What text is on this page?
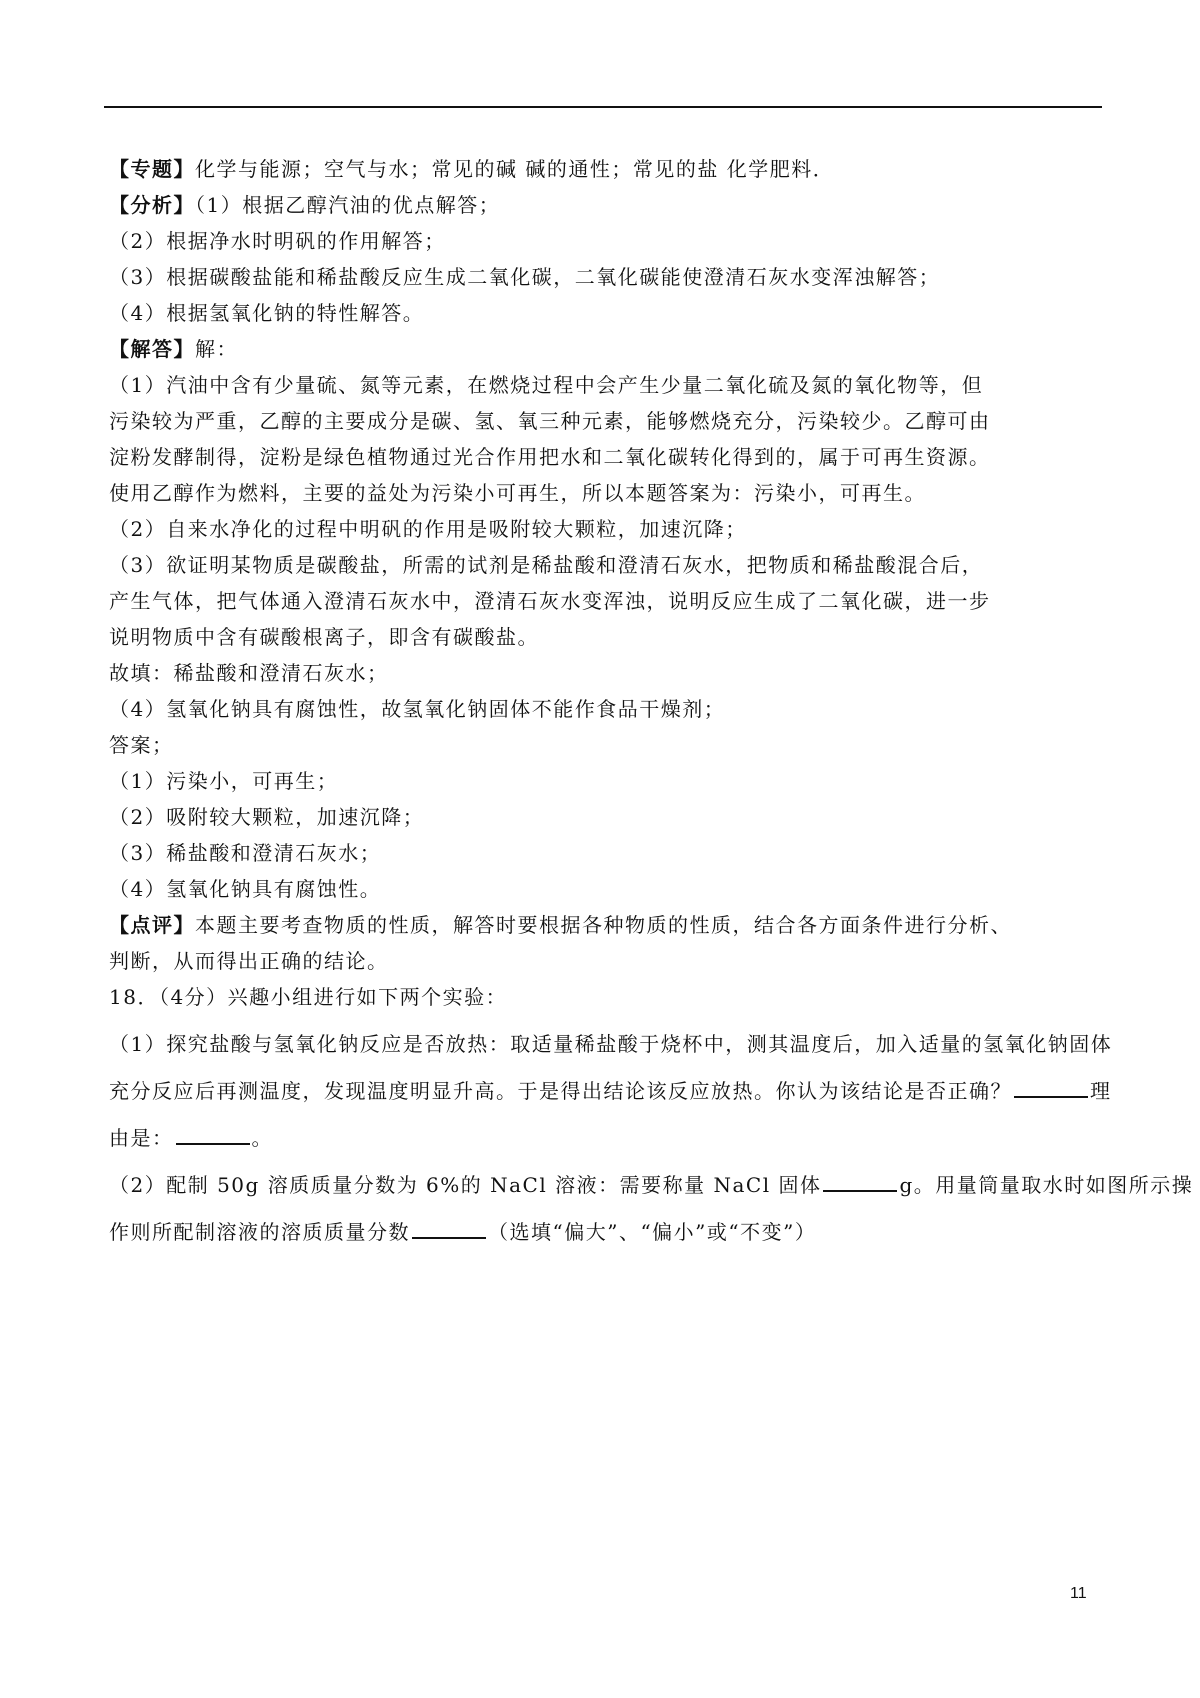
【专题】化学与能源；空气与水；常见的碱 碱的通性；常见的盐 化学肥料．
【分析】（1）根据乙醇汽油的优点解答；
（2）根据净水时明矾的作用解答；
（3）根据碳酸盐能和稀盐酸反应生成二氧化碳，二氧化碳能使澄清石灰水变浑浊解答；
（4）根据氢氧化钠的特性解答。
【解答】解：
（1）汽油中含有少量硫、氮等元素，在燃烧过程中会产生少量二氧化硫及氮的氧化物等，但
污染较为严重，乙醇的主要成分是碳、氢、氧三种元素，能够燃烧充分，污染较少。乙醇可由
淀粉发酵制得，淀粉是绿色植物通过光合作用把水和二氧化碳转化得到的，属于可再生资源。
使用乙醇作为燃料，主要的益处为污染小可再生，所以本题答案为：污染小，可再生。
（2）自来水净化的过程中明矾的作用是吸附较大颗粒，加速沉降；
（3）欲证明某物质是碳酸盐，所需的试剂是稀盐酸和澄清石灰水，把物质和稀盐酸混合后，
产生气体，把气体通入澄清石灰水中，澄清石灰水变浑浊，说明反应生成了二氧化碳，进一步
说明物质中含有碳酸根离子，即含有碳酸盐。
故填：稀盐酸和澄清石灰水；
（4）氢氧化钠具有腐蚀性，故氢氧化钠固体不能作食品干燥剂；
答案；
（1）污染小，可再生；
（2）吸附较大颗粒，加速沉降；
（3）稀盐酸和澄清石灰水；
（4）氢氧化钠具有腐蚀性。
【点评】本题主要考查物质的性质，解答时要根据各种物质的性质，结合各方面条件进行分析、
判断，从而得出正确的结论。
18．（4分）兴趣小组进行如下两个实验：
（1）探究盐酸与氢氧化钠反应是否放热：取适量稀盐酸于烧杯中，测其温度后，加入适量的氢氧化钠固体
充分反应后再测温度，发现温度明显升高。于是得出结论该反应放热。你认为该结论是否正确？	理
由是：	。
（2）配制 50g 溶质质量分数为 6%的 NaCl 溶液：需要称量 NaCl 固体	g。用量筒量取水时如图所示操
作则所配制溶液的溶质质量分数	（选填“偏大”、“偏小”或“不变”）
11
